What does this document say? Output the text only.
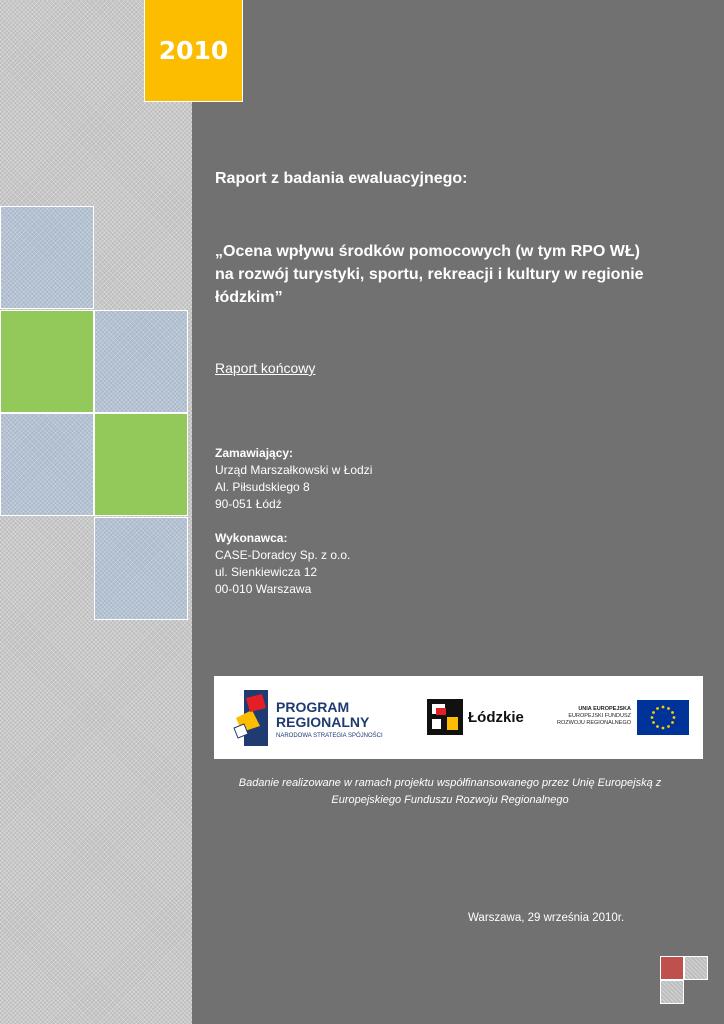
2010
Raport z badania ewaluacyjnego:
„Ocena wpływu środków pomocowych (w tym RPO WŁ)
na rozwój turystyki, sportu, rekreacji i kultury w regionie
łódzkim”
Raport końcowy
Zamawiający:
Urząd Marszałkowski w Łodzi
Al. Piłsudskiego 8
90-051 Łódź
Wykonawca:
CASE-Doradcy Sp. z o.o.
ul. Sienkiewicza 12
00-010 Warszawa
PROGRAM
REGIONALNY
NARODOWA STRATEGIA SPÓJNOŚCI
Łódzkie	UNIA EUROPEJSKA
EUROPEJSKI FUNDUSZ
ROZWOJU REGIONALNEGO
Badanie realizowane w ramach projektu współfinansowanego przez Unię Europejską z
Europejskiego Funduszu Rozwoju Regionalnego
Warszawa, 29 września 2010r.
